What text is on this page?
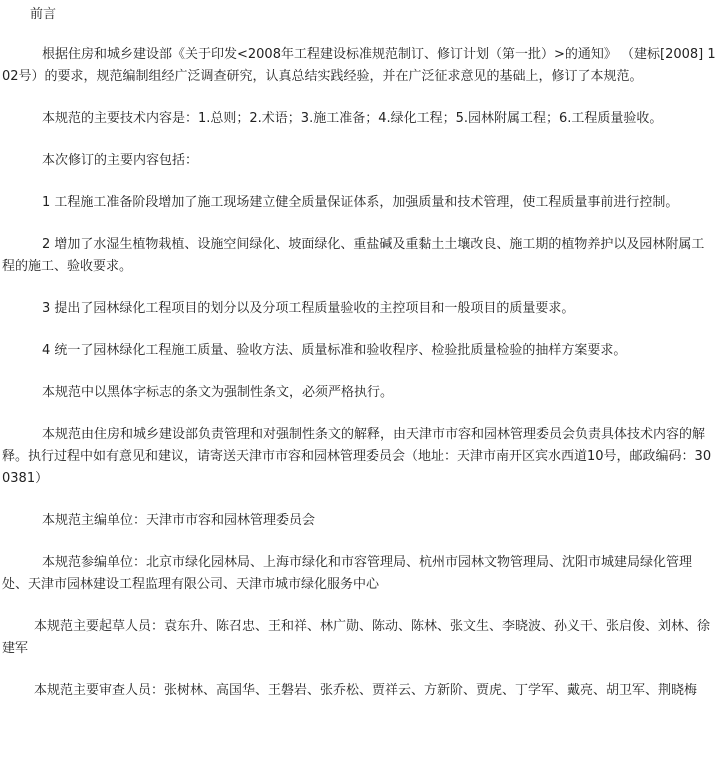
前言

根据住房和城乡建设部《关于印发<2008年工程建设标准规范制订、修订计划（第一批）>的通知》 （建标[2008] 102号）的要求，规范编制组经广泛调查研究，认真总结实践经验，并在广泛征求意见的基础上，修订了本规范。

本规范的主要技术内容是：1.总则；2.术语；3.施工准备；4.绿化工程；5.园林附属工程；6.工程质量验收。

本次修订的主要内容包括：

1 工程施工准备阶段增加了施工现场建立健全质量保证体系，加强质量和技术管理，使工程质量事前进行控制。

2 增加了水湿生植物栽植、设施空间绿化、坡面绿化、重盐碱及重黏土土壤改良、施工期的植物养护以及园林附属工程的施工、验收要求。

3 提出了园林绿化工程项目的划分以及分项工程质量验收的主控项目和一般项目的质量要求。

4 统一了园林绿化工程施工质量、验收方法、质量标准和验收程序、检验批质量检验的抽样方案要求。

本规范中以黑体字标志的条文为强制性条文，必须严格执行。

本规范由住房和城乡建设部负责管理和对强制性条文的解释，由天津市市容和园林管理委员会负责具体技术内容的解释。执行过程中如有意见和建议，请寄送天津市市容和园林管理委员会（地址：天津市南开区宾水西道10号，邮政编码：300381）

本规范主编单位：天津市市容和园林管理委员会

本规范参编单位：北京市绿化园林局、上海市绿化和市容管理局、杭州市园林文物管理局、沈阳市城建局绿化管理处、天津市园林建设工程监理有限公司、天津市城市绿化服务中心

本规范主要起草人员：袁东升、陈召忠、王和祥、林广勋、陈动、陈林、张文生、李晓波、孙义干、张启俊、刘林、徐建军

本规范主要审查人员：张树林、高国华、王磐岩、张乔松、贾祥云、方新阶、贾虎、丁学军、戴亮、胡卫军、荆晓梅
